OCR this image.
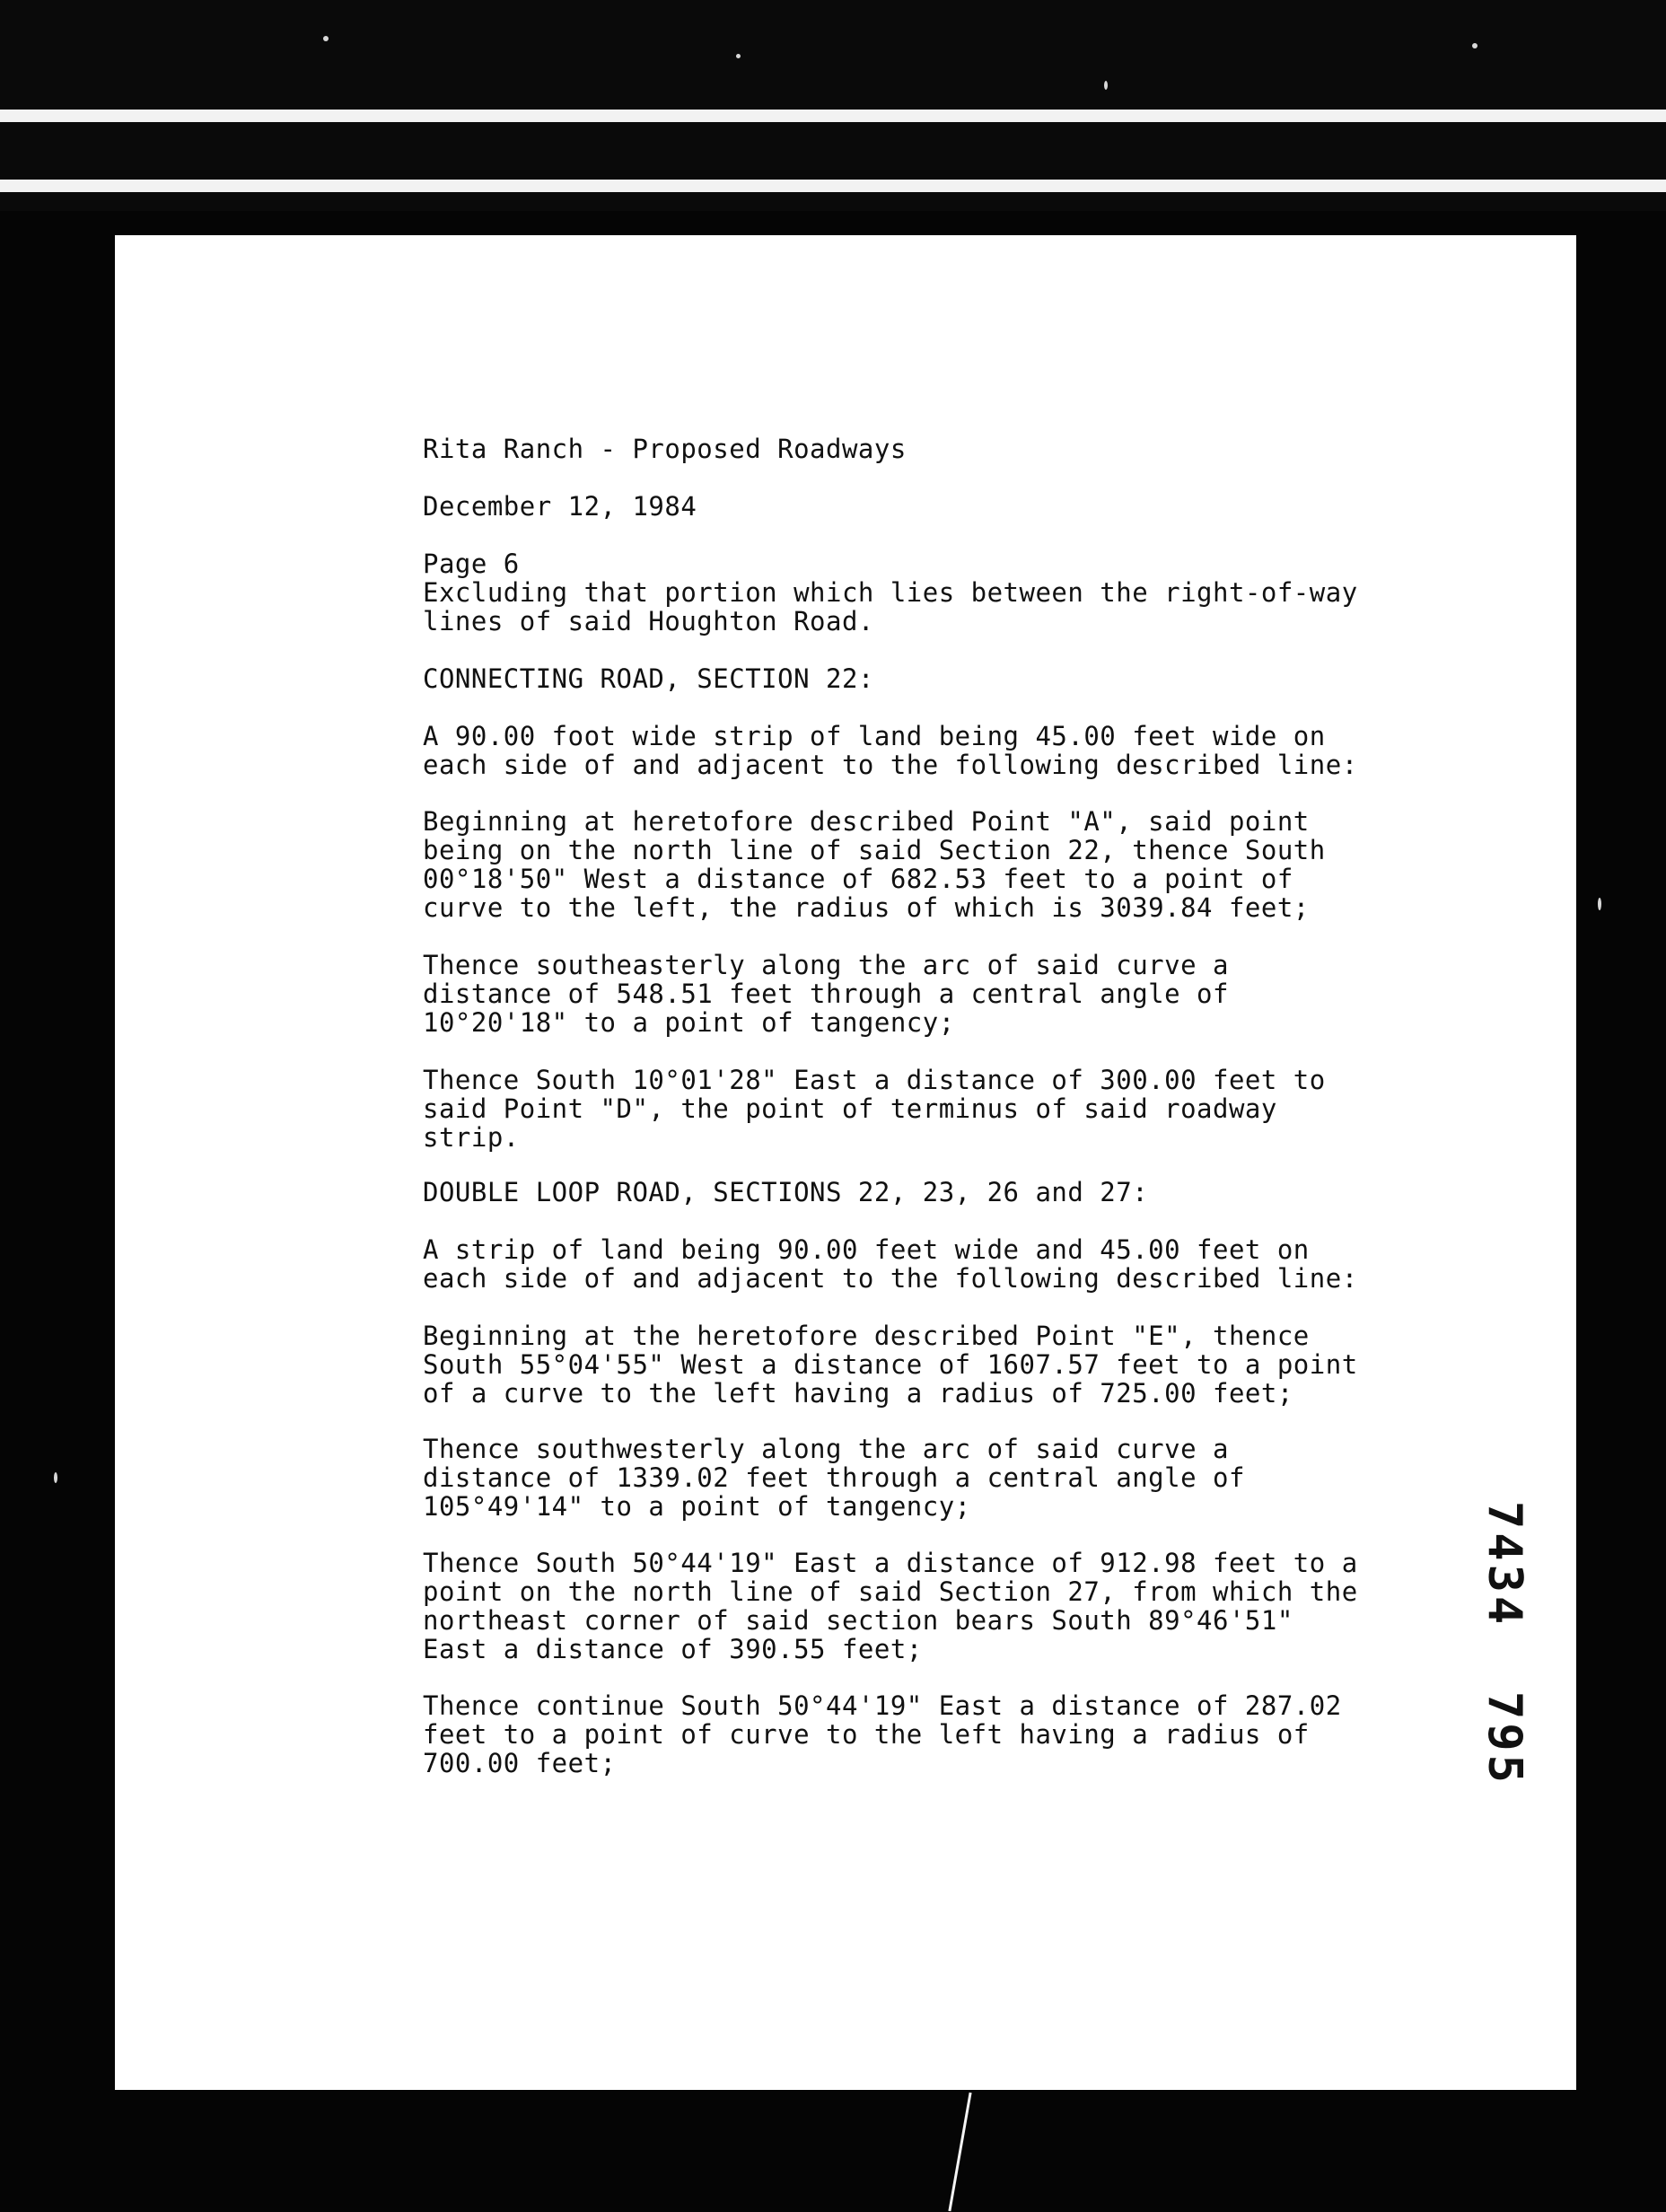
Rita Ranch - Proposed Roadways

December 12, 1984

Page 6

Excluding that portion which lies between the right-of-way
lines of said Houghton Road.
CONNECTING ROAD, SECTION 22:
A 90.00 foot wide strip of land being 45.00 feet wide on
each side of and adjacent to the following described line:
Beginning at heretofore described Point "A", said point
being on the north line of said Section 22, thence South
00°18'50" West a distance of 682.53 feet to a point of
curve to the left, the radius of which is 3039.84 feet;
Thence southeasterly along the arc of said curve a
distance of 548.51 feet through a central angle of
10°20'18" to a point of tangency;
Thence South 10°01'28" East a distance of 300.00 feet to
said Point "D", the point of terminus of said roadway
strip.
DOUBLE LOOP ROAD, SECTIONS 22, 23, 26 and 27:
A strip of land being 90.00 feet wide and 45.00 feet on
each side of and adjacent to the following described line:
Beginning at the heretofore described Point "E", thence
South 55°04'55" West a distance of 1607.57 feet to a point
of a curve to the left having a radius of 725.00 feet;
Thence southwesterly along the arc of said curve a
distance of 1339.02 feet through a central angle of
105°49'14" to a point of tangency;
Thence South 50°44'19" East a distance of 912.98 feet to a
point on the north line of said Section 27, from which the
northeast corner of said section bears South 89°46'51"
East a distance of 390.55 feet;
Thence continue South 50°44'19" East a distance of 287.02
feet to a point of curve to the left having a radius of
700.00 feet;
7434
795
